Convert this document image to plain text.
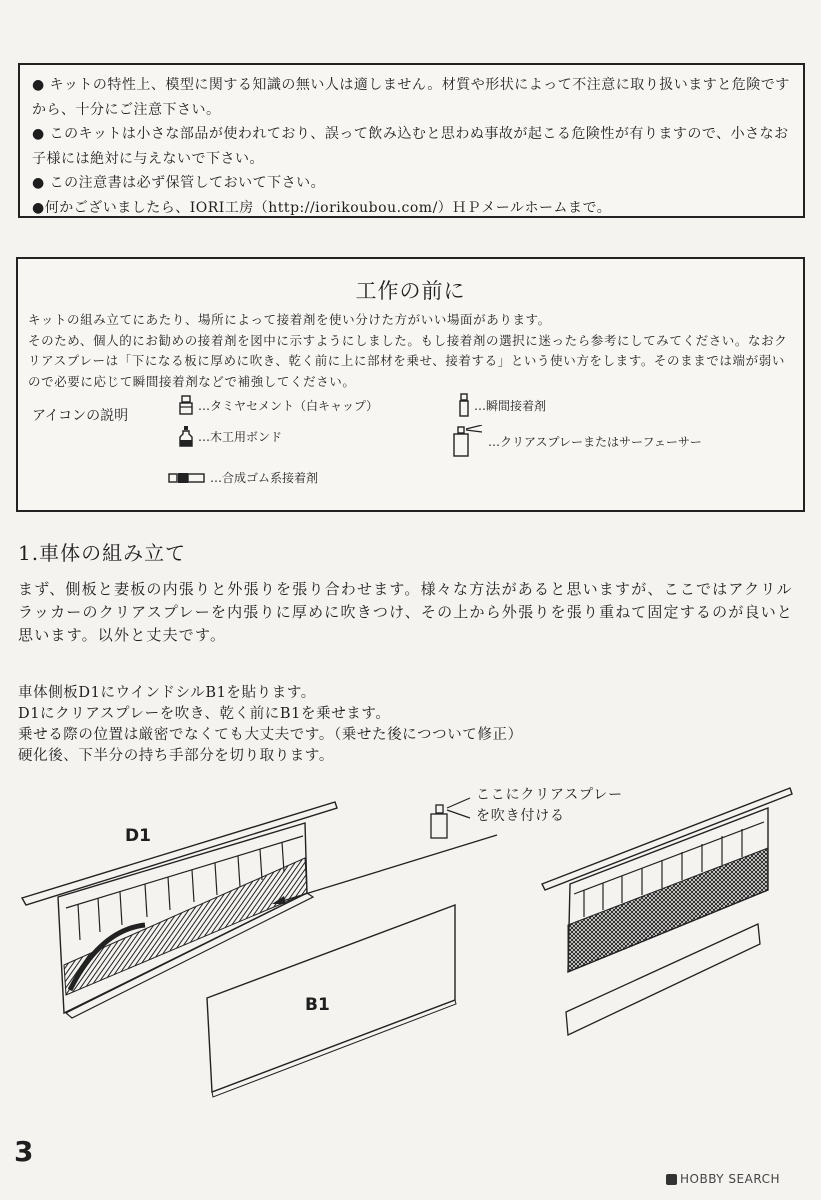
● キットの特性上、模型に関する知識の無い人は適しません。材質や形状によって不注意に取り扱いますと危険ですから、十分にご注意下さい。

● このキットは小さな部品が使われており、誤って飲み込むと思わぬ事故が起こる危険性が有りますので、小さなお子様には絶対に与えないで下さい。

● この注意書は必ず保管しておいて下さい。

●何かございましたら、IORI工房（http://iorikoubou.com/）ＨＰメールホームまで。

工作の前に

キットの組み立てにあたり、場所によって接着剤を使い分けた方がいい場面があります。

そのため、個人的にお勧めの接着剤を図中に示すようにしました。もし接着剤の選択に迷ったら参考にしてみてください。なおクリアスプレーは「下になる板に厚めに吹き、乾く前に上に部材を乗せ、接着する」という使い方をします。そのままでは端が弱いので必要に応じて瞬間接着剤などで補強してください。

アイコンの説明
…タミヤセメント（白キャップ）
…木工用ボンド
…瞬間接着剤
…クリアスプレーまたはサーフェーサー
…合成ゴム系接着剤
1.車体の組み立て

まず、側板と妻板の内張りと外張りを張り合わせます。様々な方法があると思いますが、ここではアクリルラッカーのクリアスプレーを内張りに厚めに吹きつけ、その上から外張りを張り重ねて固定するのが良いと思います。以外と丈夫です。

車体側板D1にウインドシルB1を貼ります。

D1にクリアスプレーを吹き、乾く前にB1を乗せます。

乗せる際の位置は厳密でなくても大丈夫です。（乗せた後につついて修正）

硬化後、下半分の持ち手部分を切り取ります。

D1
B1
ここにクリアスプレー
を吹き付ける
3
HOBBY SEARCH
